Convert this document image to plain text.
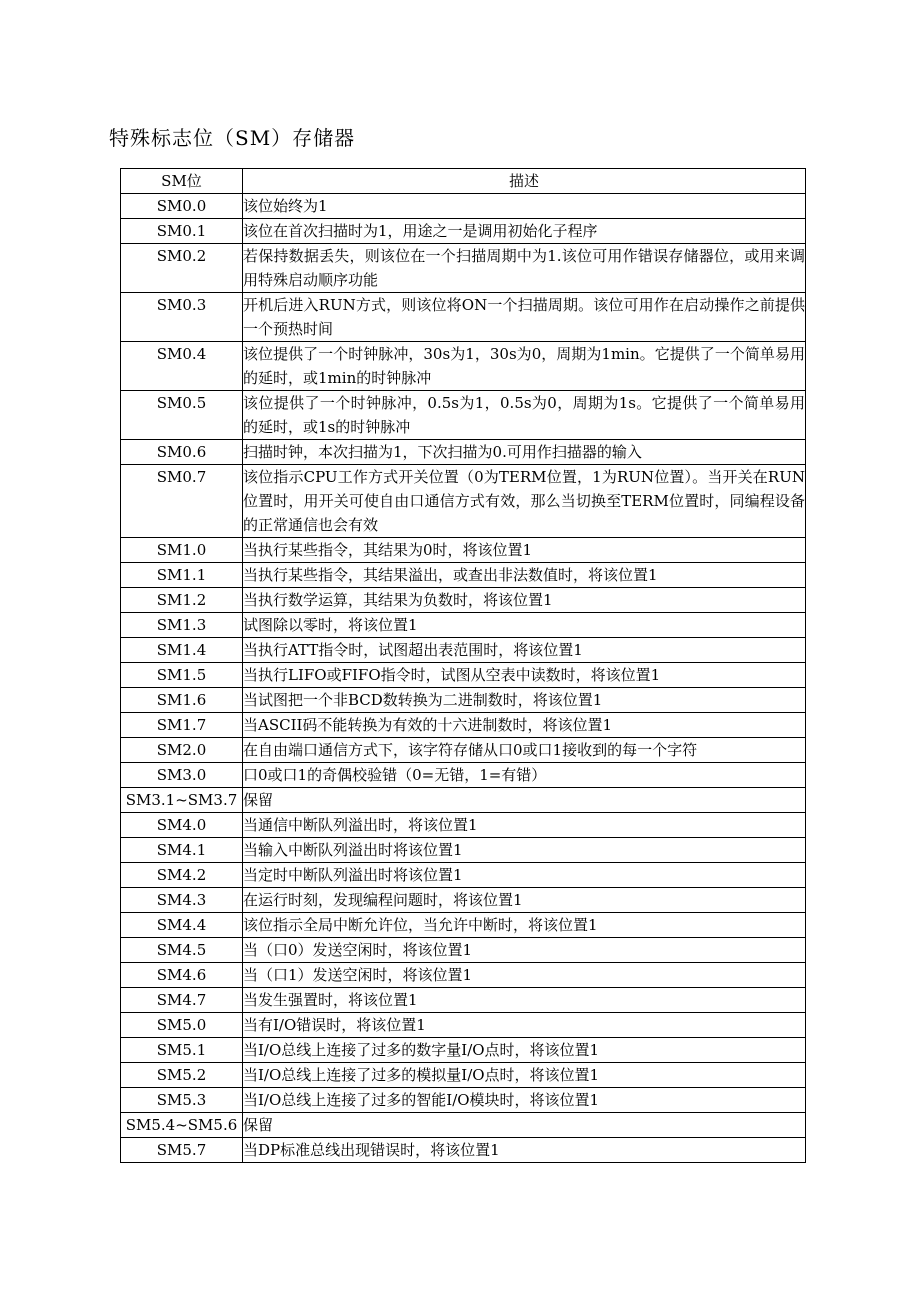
特殊标志位（SM）存储器
SM位	描述
SM0.0	该位始终为1
SM0.1	该位在首次扫描时为1，用途之一是调用初始化子程序
SM0.2	若保持数据丢失，则该位在一个扫描周期中为1.该位可用作错误存储器位，或用来调用特殊启动顺序功能
SM0.3	开机后进入RUN方式，则该位将ON一个扫描周期。该位可用作在启动操作之前提供一个预热时间
SM0.4	该位提供了一个时钟脉冲，30s为1，30s为0，周期为1min。它提供了一个简单易用的延时，或1min的时钟脉冲
SM0.5	该位提供了一个时钟脉冲，0.5s为1，0.5s为0，周期为1s。它提供了一个简单易用的延时，或1s的时钟脉冲
SM0.6	扫描时钟，本次扫描为1，下次扫描为0.可用作扫描器的输入
SM0.7	该位指示CPU工作方式开关位置（0为TERM位置，1为RUN位置）。当开关在RUN位置时，用开关可使自由口通信方式有效，那么当切换至TERM位置时，同编程设备的正常通信也会有效
SM1.0	当执行某些指令，其结果为0时，将该位置1
SM1.1	当执行某些指令，其结果溢出，或查出非法数值时，将该位置1
SM1.2	当执行数学运算，其结果为负数时，将该位置1
SM1.3	试图除以零时，将该位置1
SM1.4	当执行ATT指令时，试图超出表范围时，将该位置1
SM1.5	当执行LIFO或FIFO指令时，试图从空表中读数时，将该位置1
SM1.6	当试图把一个非BCD数转换为二进制数时，将该位置1
SM1.7	当ASCII码不能转换为有效的十六进制数时，将该位置1
SM2.0	在自由端口通信方式下，该字符存储从口0或口1接收到的每一个字符
SM3.0	口0或口1的奇偶校验错（0=无错，1=有错）
SM3.1~SM3.7	保留
SM4.0	当通信中断队列溢出时，将该位置1
SM4.1	当输入中断队列溢出时将该位置1
SM4.2	当定时中断队列溢出时将该位置1
SM4.3	在运行时刻，发现编程问题时，将该位置1
SM4.4	该位指示全局中断允许位，当允许中断时，将该位置1
SM4.5	当（口0）发送空闲时，将该位置1
SM4.6	当（口1）发送空闲时，将该位置1
SM4.7	当发生强置时，将该位置1
SM5.0	当有I/O错误时，将该位置1
SM5.1	当I/O总线上连接了过多的数字量I/O点时，将该位置1
SM5.2	当I/O总线上连接了过多的模拟量I/O点时，将该位置1
SM5.3	当I/O总线上连接了过多的智能I/O模块时，将该位置1
SM5.4~SM5.6	保留
SM5.7	当DP标准总线出现错误时，将该位置1
